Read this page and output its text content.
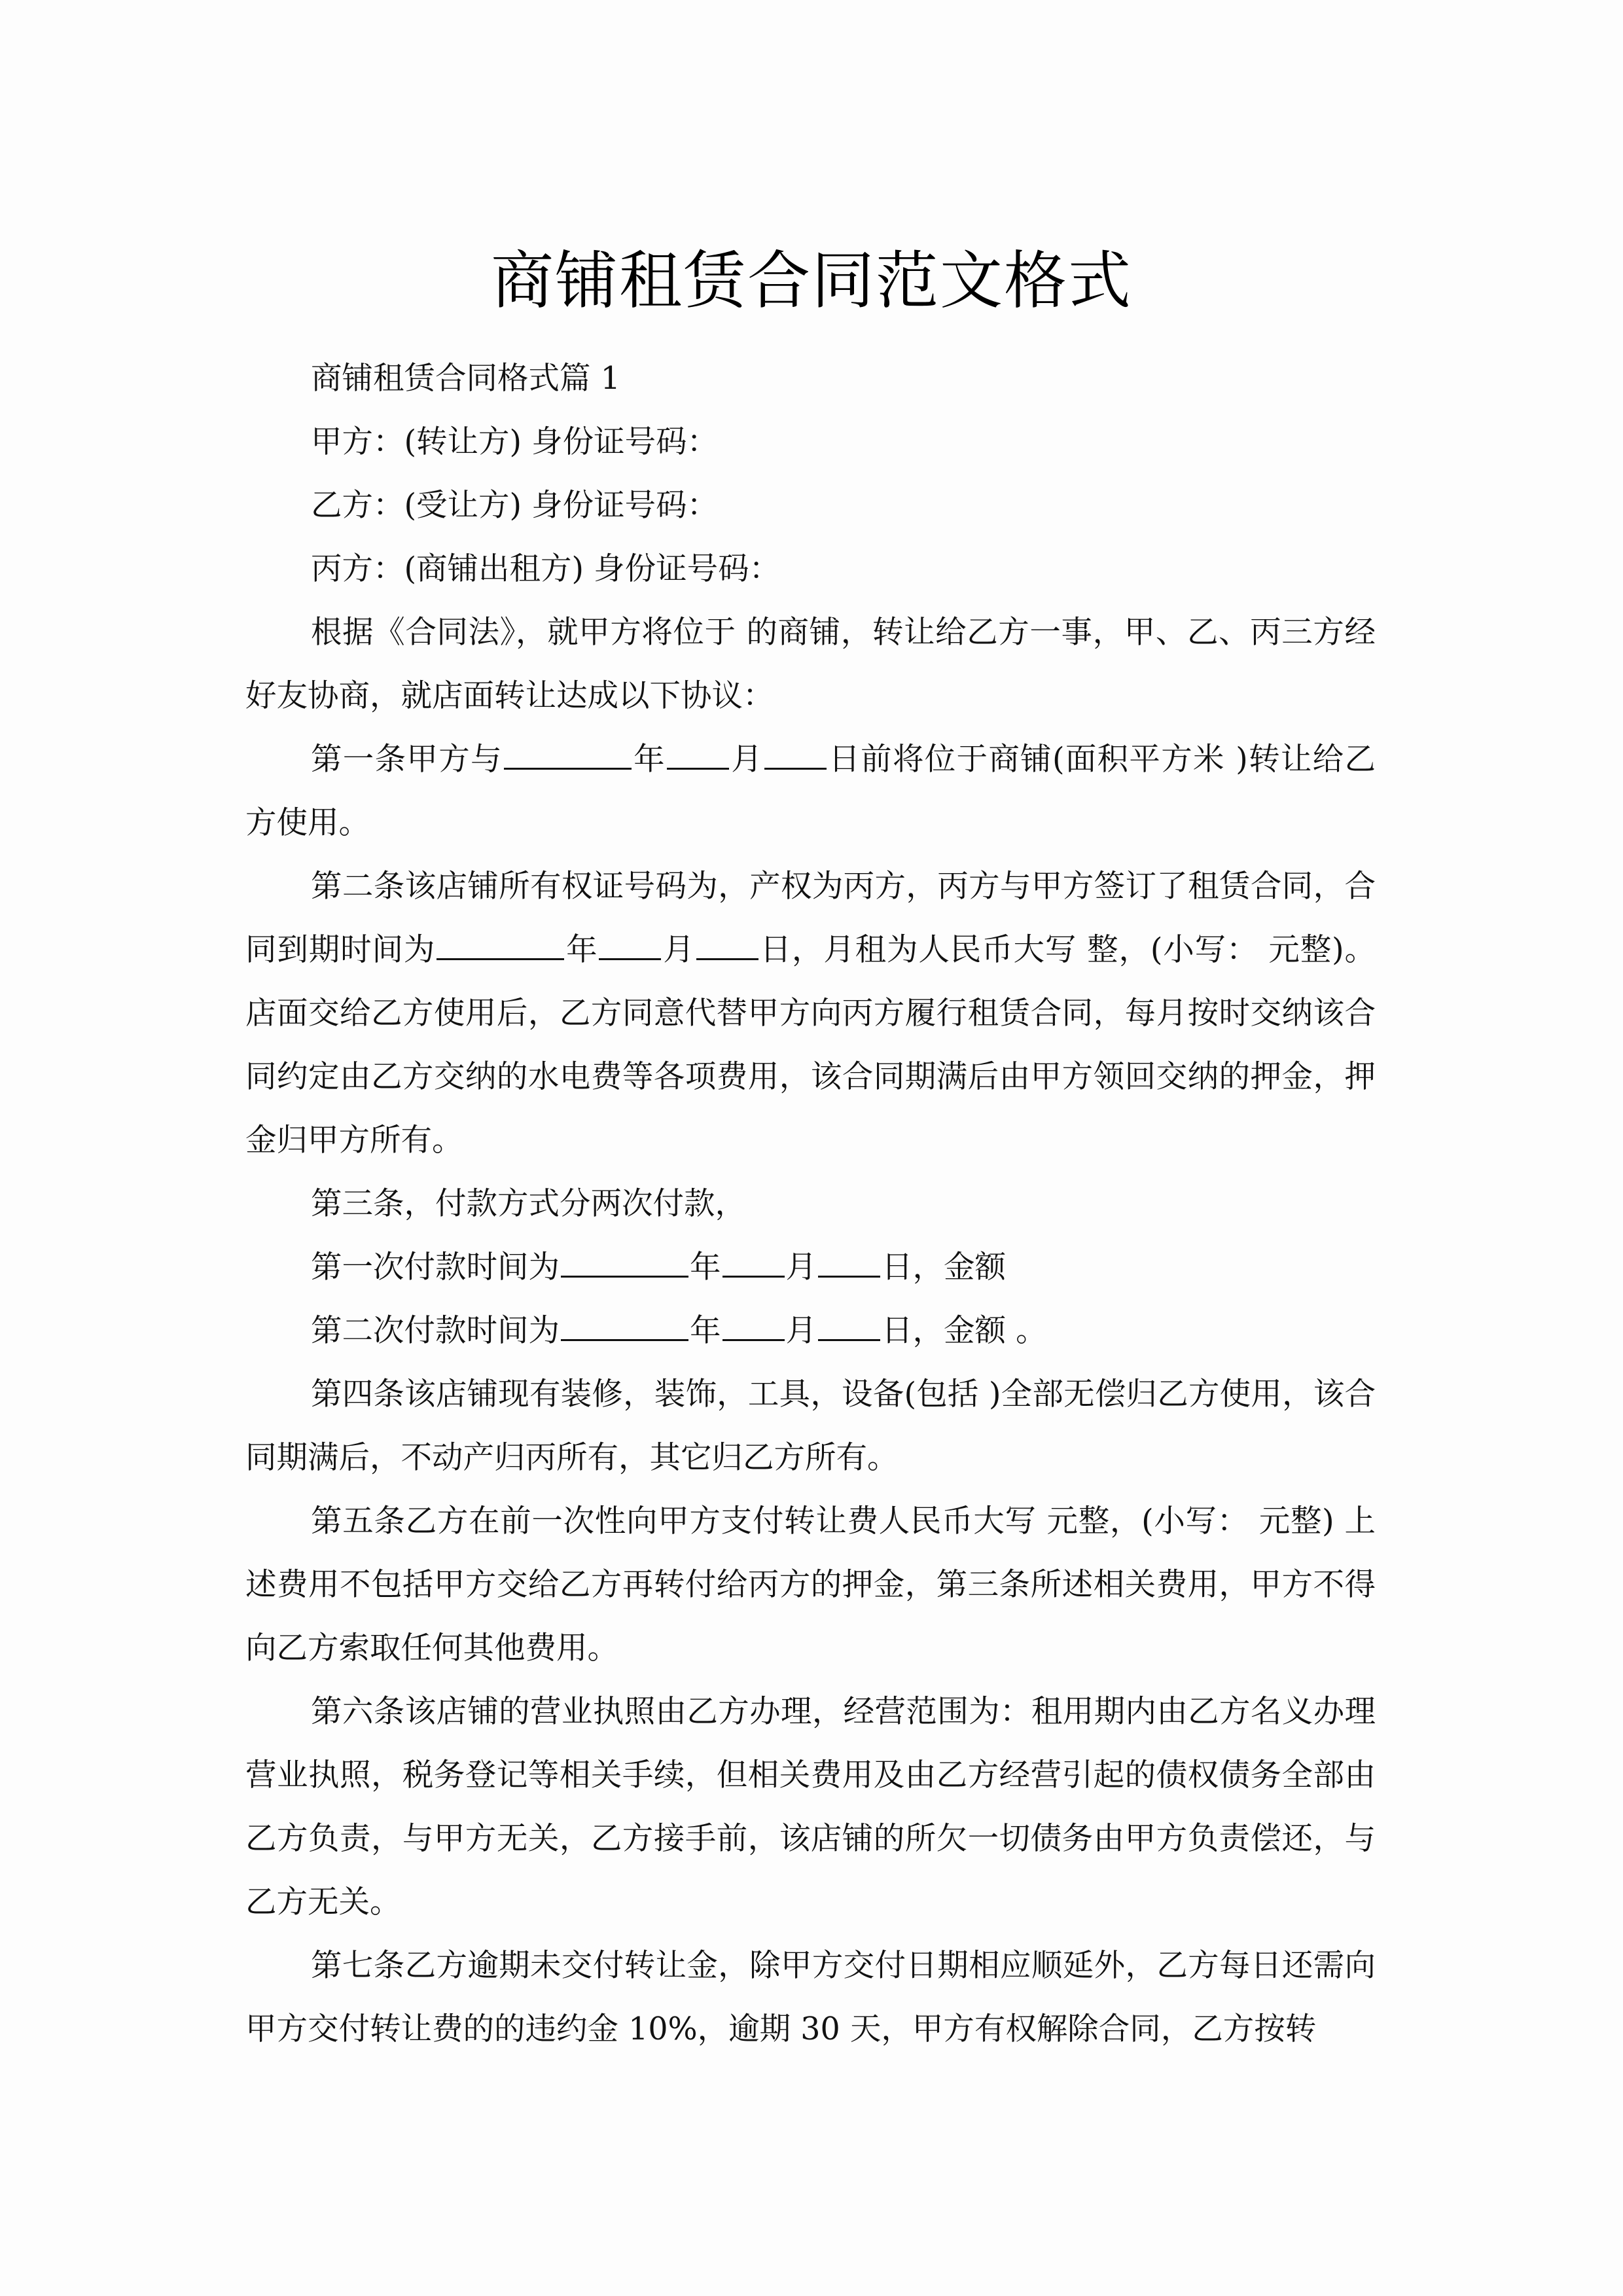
商铺租赁合同范文格式

商铺租赁合同格式篇 1

甲方：(转让方) 身份证号码：

乙方：(受让方) 身份证号码：

丙方：(商铺出租方) 身份证号码：

根据《合同法》，就甲方将位于 的商铺，转让给乙方一事，甲、乙、丙三方经好友协商，就店面转让达成以下协议：

第一条甲方与	年 月 日前将位于商铺(面积平方米 )转让给乙方使用。

第二条该店铺所有权证号码为，产权为丙方，丙方与甲方签订了租赁合同，合同到期时间为	年 月 日，月租为人民币大写 整，(小写： 元整)。店面交给乙方使用后，乙方同意代替甲方向丙方履行租赁合同，每月按时交纳该合同约定由乙方交纳的水电费等各项费用，该合同期满后由甲方领回交纳的押金，押金归甲方所有。

第三条，付款方式分两次付款，

第一次付款时间为	年 月 日，金额

第二次付款时间为	年 月 日，金额 。

第四条该店铺现有装修，装饰，工具，设备(包括 )全部无偿归乙方使用，该合同期满后，不动产归丙所有，其它归乙方所有。

第五条乙方在前一次性向甲方支付转让费人民币大写 元整，(小写： 元整) 上述费用不包括甲方交给乙方再转付给丙方的押金，第三条所述相关费用，甲方不得向乙方索取任何其他费用。

第六条该店铺的营业执照由乙方办理，经营范围为：租用期内由乙方名义办理营业执照，税务登记等相关手续，但相关费用及由乙方经营引起的债权债务全部由乙方负责，与甲方无关，乙方接手前，该店铺的所欠一切债务由甲方负责偿还，与乙方无关。

第七条乙方逾期未交付转让金，除甲方交付日期相应顺延外，乙方每日还需向甲方交付转让费的的违约金 10%，逾期 30 天，甲方有权解除合同，乙方按转
